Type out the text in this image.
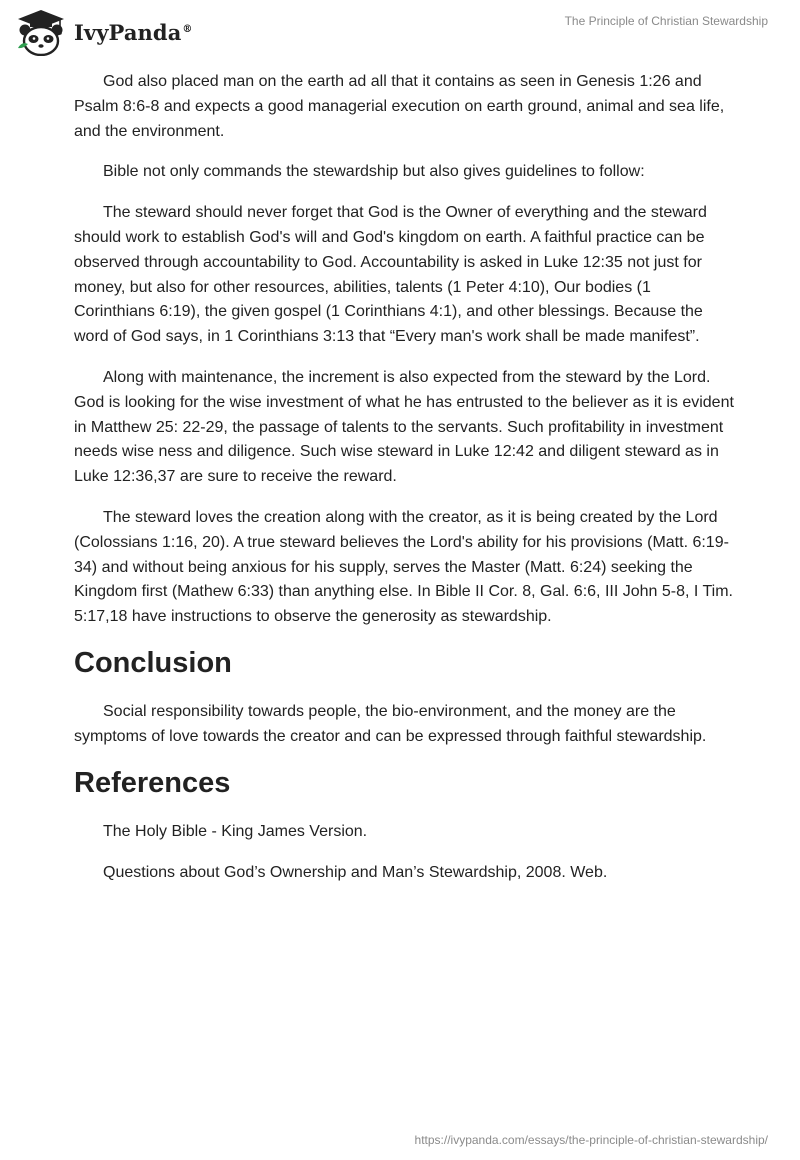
IvyPanda®
The Principle of Christian Stewardship

God also placed man on the earth ad all that it contains as seen in Genesis 1:26 and Psalm 8:6-8 and expects a good managerial execution on earth ground, animal and sea life, and the environment.

Bible not only commands the stewardship but also gives guidelines to follow:

The steward should never forget that God is the Owner of everything and the steward should work to establish God's will and God's kingdom on earth. A faithful practice can be observed through accountability to God. Accountability is asked in Luke 12:35 not just for money, but also for other resources, abilities, talents (1 Peter 4:10), Our bodies (1 Corinthians 6:19), the given gospel (1 Corinthians 4:1), and other blessings. Because the word of God says, in 1 Corinthians 3:13 that “Every man's work shall be made manifest”.

Along with maintenance, the increment is also expected from the steward by the Lord. God is looking for the wise investment of what he has entrusted to the believer as it is evident in Matthew 25: 22-29, the passage of talents to the servants. Such profitability in investment needs wise ness and diligence. Such wise steward in Luke 12:42 and diligent steward as in Luke 12:36,37 are sure to receive the reward.

The steward loves the creation along with the creator, as it is being created by the Lord (Colossians 1:16, 20). A true steward believes the Lord's ability for his provisions (Matt. 6:19-34) and without being anxious for his supply, serves the Master (Matt. 6:24) seeking the Kingdom first (Mathew 6:33) than anything else. In Bible II Cor. 8, Gal. 6:6, III John 5-8, I Tim. 5:17,18 have instructions to observe the generosity as stewardship.

Conclusion

Social responsibility towards people, the bio-environment, and the money are the symptoms of love towards the creator and can be expressed through faithful stewardship.

References

The Holy Bible - King James Version.

Questions about God’s Ownership and Man’s Stewardship, 2008. Web.

https://ivypanda.com/essays/the-principle-of-christian-stewardship/
